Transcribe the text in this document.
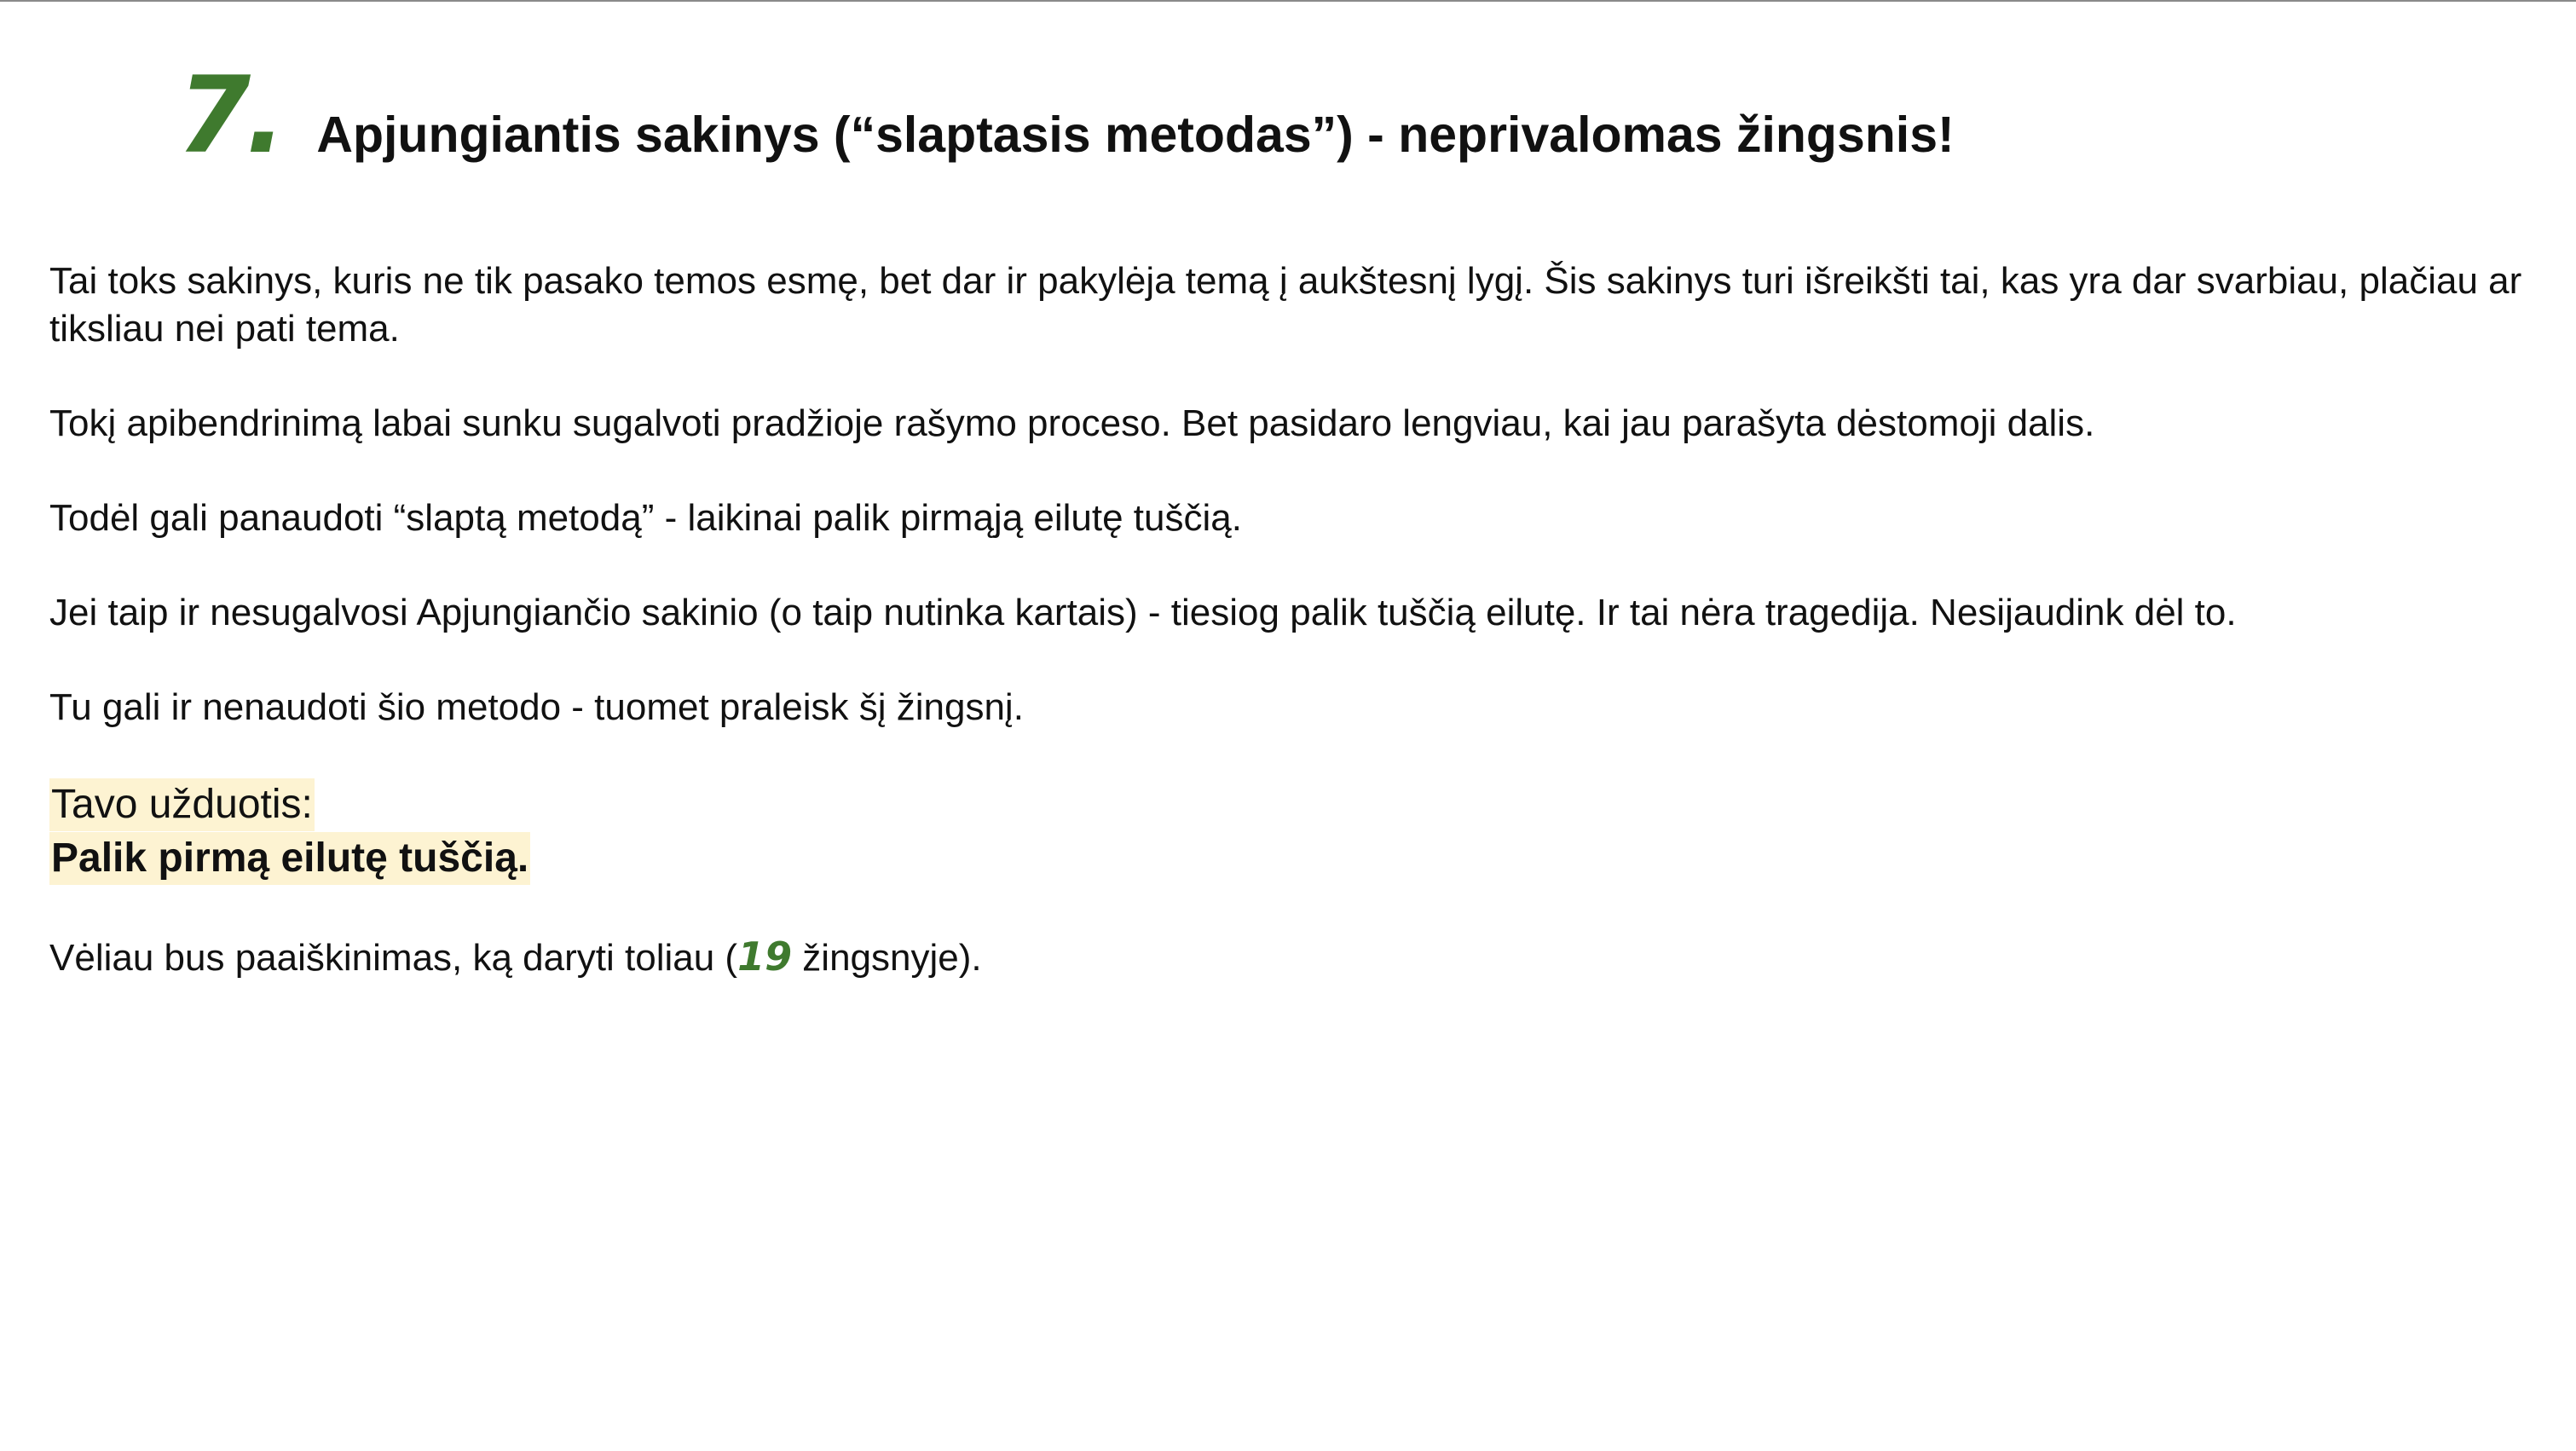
7. Apjungiantis sakinys (“slaptasis metodas”) - neprivalomas žingsnis!

Tai toks sakinys, kuris ne tik pasako temos esmę, bet dar ir pakylėja temą į aukštesnį lygį. Šis sakinys turi išreikšti tai, kas yra dar svarbiau, plačiau ar tiksliau nei pati tema.

Tokį apibendrinimą labai sunku sugalvoti pradžioje rašymo proceso. Bet pasidaro lengviau, kai jau parašyta dėstomoji dalis.

Todėl gali panaudoti “slaptą metodą” - laikinai palik pirmąją eilutę tuščią.

Jei taip ir nesugalvosi Apjungiančio sakinio (o taip nutinka kartais) - tiesiog palik tuščią eilutę. Ir tai nėra tragedija. Nesijaudink dėl to.

Tu gali ir nenaudoti šio metodo - tuomet praleisk šį žingsnį.

Tavo užduotis:
Palik pirmą eilutę tuščią.

Vėliau bus paaiškinimas, ką daryti toliau (19 žingsnyje).
